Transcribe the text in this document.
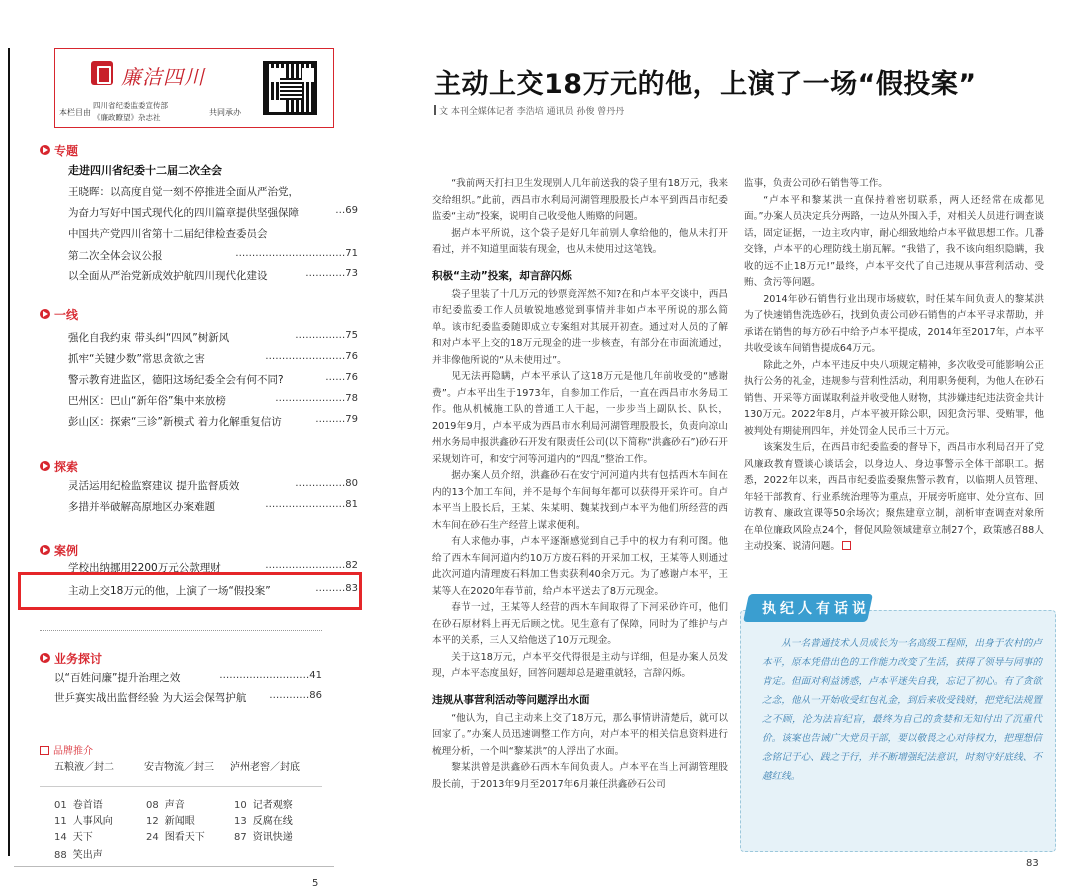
廉洁四川
本栏目由
四川省纪委监委宣传部
《廉政瞭望》杂志社
共同承办
专题
走进四川省纪委十二届二次全会
王晓晖：以高度自觉一刻不停推进全面从严治党，
为奋力写好中国式现代化的四川篇章提供坚强保障	…69
中国共产党四川省第十二届纪律检查委员会
第二次全体会议公报	……………………………71
以全面从严治党新成效护航四川现代化建设	…………73
一线
强化自我约束 带头纠“四风”树新风	……………75
抓牢“关键少数”常思贪欲之害	……………………76
警示教育进监区，德阳这场纪委全会有何不同?	……76
巴州区：巴山“新年俗”集中来放榜	…………………78
彭山区：探索“三诊”新模式 着力化解重复信访	………79
探索
灵活运用纪检监察建议 提升监督质效	……………80
多措并举破解高原地区办案难题	……………………81
案例
学校出纳挪用2200万元公款理财	……………………82
主动上交18万元的他，上演了一场“假投案”	………83
业务探讨
以“百姓问廉”提升治理之效	………………………41
世乒赛实战出监督经验 为大运会保驾护航 …………86
品牌推介
五粮液／封二	安吉物流／封三 泸州老窖／封底
01 卷首语	08 声音	10 记者观察
11 人事风向	12 新闻眼	13 反腐在线
14 天下	24 图看天下	87 资讯快递
88 笑出声
5
主动上交18万元的他，上演了一场“假投案”
文 本刊全媒体记者 李浩培 通讯员 孙俊 曾丹丹

“我前两天打扫卫生发现别人几年前送我的袋子里有18万元，我来交给组织。”此前，西昌市水利局河湖管理股股长卢本平到西昌市纪委监委“主动”投案，说明自己收受他人贿赂的问题。

据卢本平所说，这个袋子是好几年前别人拿给他的，他从未打开看过，并不知道里面装有现金，也从未使用过这笔钱。

积极“主动”投案，却言辞闪烁

袋子里装了十几万元的钞票竟浑然不知?在和卢本平交谈中，西昌市纪委监委工作人员敏锐地感觉到事情并非如卢本平所说的那么简单。该市纪委监委随即成立专案组对其展开初查。通过对人员的了解和对卢本平上交的18万元现金的进一步核查，有部分在市面流通过，并非像他所说的“从未使用过”。

见无法再隐瞒，卢本平承认了这18万元是他几年前收受的“感谢费”。卢本平出生于1973年，自参加工作后，一直在西昌市水务局工作。他从机械施工队的普通工人干起，一步步当上副队长、队长，2019年9月，卢本平成为西昌市水利局河湖管理股股长，负责向凉山州水务局申报洪鑫砂石开发有限责任公司(以下简称“洪鑫砂石”)砂石开采规划许可，和安宁河等河道内的“四乱”整治工作。

据办案人员介绍，洪鑫砂石在安宁河河道内共有包括西木车间在内的13个加工车间，并不是每个车间每年都可以获得开采许可。自卢本平当上股长后，王某、朱某明、魏某找到卢本平为他们所经营的西木车间在砂石生产经营上谋求便利。

有人求他办事，卢本平逐渐感觉到自己手中的权力有利可图。他给了西木车间河道内约10万方废石料的开采加工权，王某等人则通过此次河道内清理废石料加工售卖获利40余万元。为了感谢卢本平，王某等人在2020年春节前，给卢本平送去了8万元现金。

春节一过，王某等人经营的西木车间取得了下河采砂许可，他们在砂石原材料上再无后顾之忧。见生意有了保障，同时为了维护与卢本平的关系，三人又给他送了10万元现金。

关于这18万元，卢本平交代得很是主动与详细，但是办案人员发现，卢本平态度虽好，回答问题却总是避重就轻，言辞闪烁。

违规从事营利活动等问题浮出水面

“他认为，自己主动来上交了18万元，那么事情讲清楚后，就可以回家了。”办案人员迅速调整工作方向，对卢本平的相关信息资料进行梳理分析，一个叫“黎某洪”的人浮出了水面。

黎某洪曾是洪鑫砂石西木车间负责人。卢本平在当上河湖管理股股长前，于2013年9月至2017年6月兼任洪鑫砂石公司

监事，负责公司砂石销售等工作。

“卢本平和黎某洪一直保持着密切联系，两人还经常在成都见面。”办案人员决定兵分两路，一边从外围入手，对相关人员进行调查谈话，固定证据，一边主攻内审，耐心细致地给卢本平做思想工作。几番交锋，卢本平的心理防线土崩瓦解。“我错了，我不该向组织隐瞒，我收的远不止18万元!”最终，卢本平交代了自己违规从事营利活动、受贿、贪污等问题。

2014年砂石销售行业出现市场疲软，时任某车间负责人的黎某洪为了快速销售洗选砂石，找到负责公司砂石销售的卢本平寻求帮助，并承诺在销售的每方砂石中给予卢本平提成，2014年至2017年，卢本平共收受该车间销售提成64万元。

除此之外，卢本平违反中央八项规定精神，多次收受可能影响公正执行公务的礼金，违规参与营利性活动，利用职务便利，为他人在砂石销售、开采等方面谋取利益并收受他人财物，其涉嫌违纪违法资金共计130万元。2022年8月，卢本平被开除公职，因犯贪污罪、受贿罪，他被判处有期徒刑四年，并处罚金人民币三十万元。

该案发生后，在西昌市纪委监委的督导下，西昌市水利局召开了党风廉政教育暨谈心谈话会，以身边人、身边事警示全体干部职工。据悉，2022年以来，西昌市纪委监委聚焦警示教育，以临期人员管理、年轻干部教育、行业系统治理等为重点，开展旁听庭审、处分宣布、回访教育、廉政宣课等50余场次；聚焦建章立制，剖析审查调查对象所在单位廉政风险点24个，督促风险领域建章立制27个，政策感召88人主动投案、说清问题。

执纪人有话说
从一名普通技术人员成长为一名高级工程师，出身于农村的卢本平，原本凭借出色的工作能力改变了生活，获得了领导与同事的肯定。但面对利益诱惑，卢本平迷失自我，忘记了初心。有了贪欲之念，他从一开始收受红包礼金，到后来收受钱财，把党纪法规置之不顾，沦为法盲纪盲，最终为自己的贪婪和无知付出了沉重代价。该案也告诫广大党员干部，要以敬畏之心对待权力，把理想信念铭记于心、践之于行，并不断增强纪法意识，时刻守好底线、不越红线。
83
